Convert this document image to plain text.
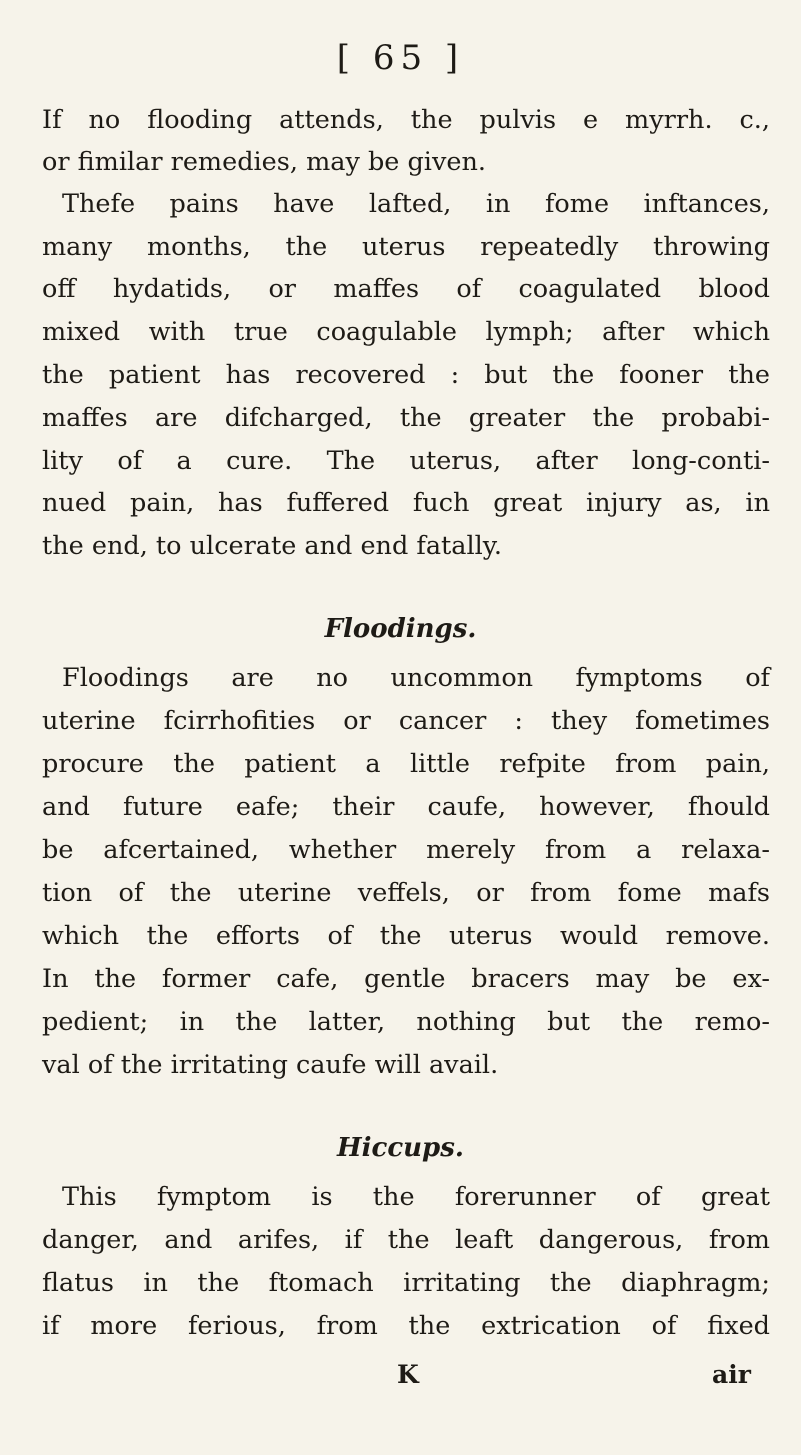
[ 65 ]
If no flooding attends, the pulvis e myrrh. c.,
or fimilar remedies, may be given.
Thefe pains have lafted, in fome inftances,
many months, the uterus repeatedly throwing
off hydatids, or maffes of coagulated blood
mixed with true coagulable lymph; after which
the patient has recovered : but the fooner the
maffes are difcharged, the greater the probabi-
lity of a cure. The uterus, after long-conti-
nued pain, has fuffered fuch great injury as, in
the end, to ulcerate and end fatally.
Floodings.
Floodings are no uncommon fymptoms of
uterine fcirrhofities or cancer : they fometimes
procure the patient a little refpite from pain,
and future eafe; their caufe, however, fhould
be afcertained, whether merely from a relaxa-
tion of the uterine veffels, or from fome mafs
which the efforts of the uterus would remove.
In the former cafe, gentle bracers may be ex-
pedient; in the latter, nothing but the remo-
val of the irritating caufe will avail.
Hiccups.
This fymptom is the forerunner of great
danger, and arifes, if the leaft dangerous, from
flatus in the ftomach irritating the diaphragm;
if more ferious, from the extrication of fixed
K	air
